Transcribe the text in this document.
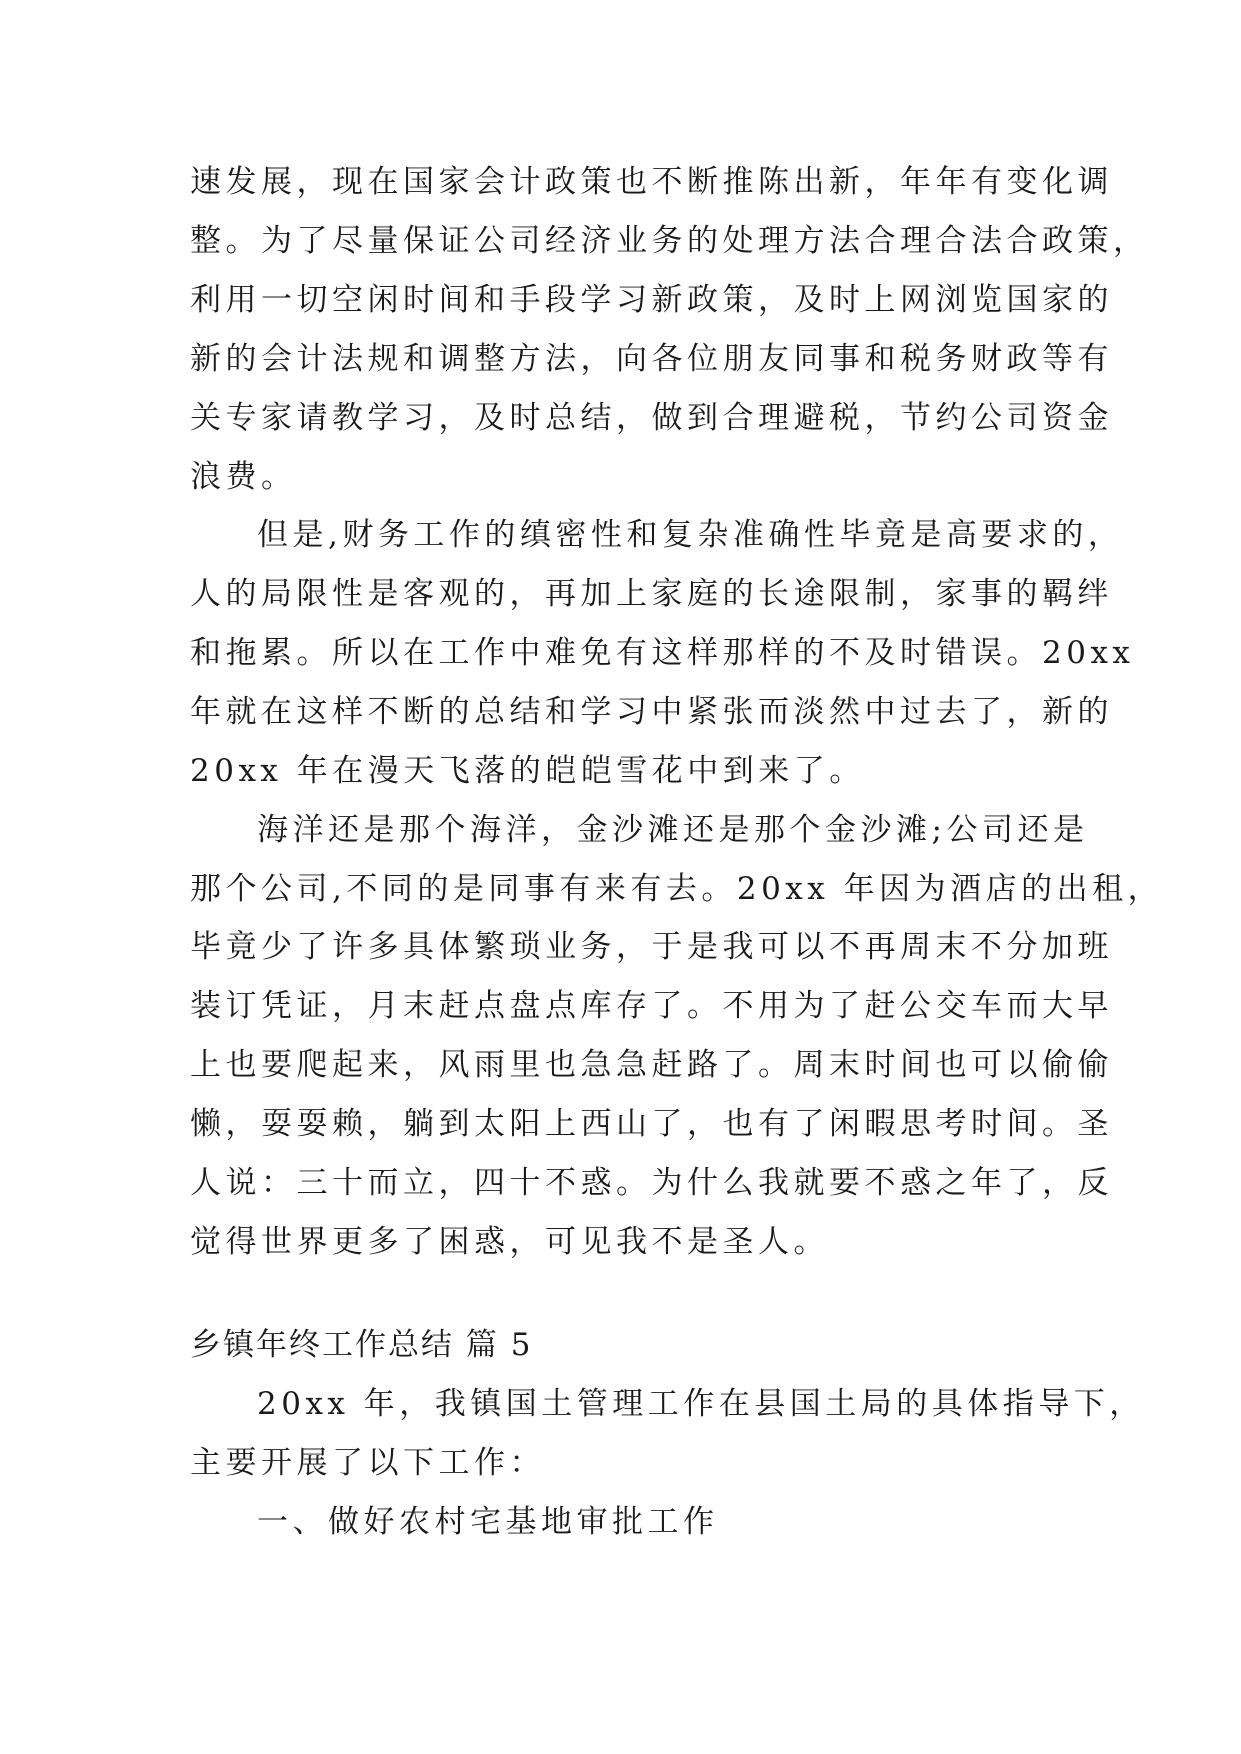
速发展，现在国家会计政策也不断推陈出新，年年有变化调
整。为了尽量保证公司经济业务的处理方法合理合法合政策，
利用一切空闲时间和手段学习新政策，及时上网浏览国家的
新的会计法规和调整方法，向各位朋友同事和税务财政等有
关专家请教学习，及时总结，做到合理避税，节约公司资金
浪费。
但是,财务工作的缜密性和复杂准确性毕竟是高要求的，
人的局限性是客观的，再加上家庭的长途限制，家事的羁绊
和拖累。所以在工作中难免有这样那样的不及时错误。20xx
年就在这样不断的总结和学习中紧张而淡然中过去了，新的
20xx 年在漫天飞落的皑皑雪花中到来了。
海洋还是那个海洋，金沙滩还是那个金沙滩;公司还是
那个公司,不同的是同事有来有去。20xx 年因为酒店的出租，
毕竟少了许多具体繁琐业务，于是我可以不再周末不分加班
装订凭证，月末赶点盘点库存了。不用为了赶公交车而大早
上也要爬起来，风雨里也急急赶路了。周末时间也可以偷偷
懒，耍耍赖，躺到太阳上西山了，也有了闲暇思考时间。圣
人说：三十而立，四十不惑。为什么我就要不惑之年了，反
觉得世界更多了困惑，可见我不是圣人。
乡镇年终工作总结 篇 5
20xx 年，我镇国土管理工作在县国土局的具体指导下，
主要开展了以下工作：
一、做好农村宅基地审批工作
